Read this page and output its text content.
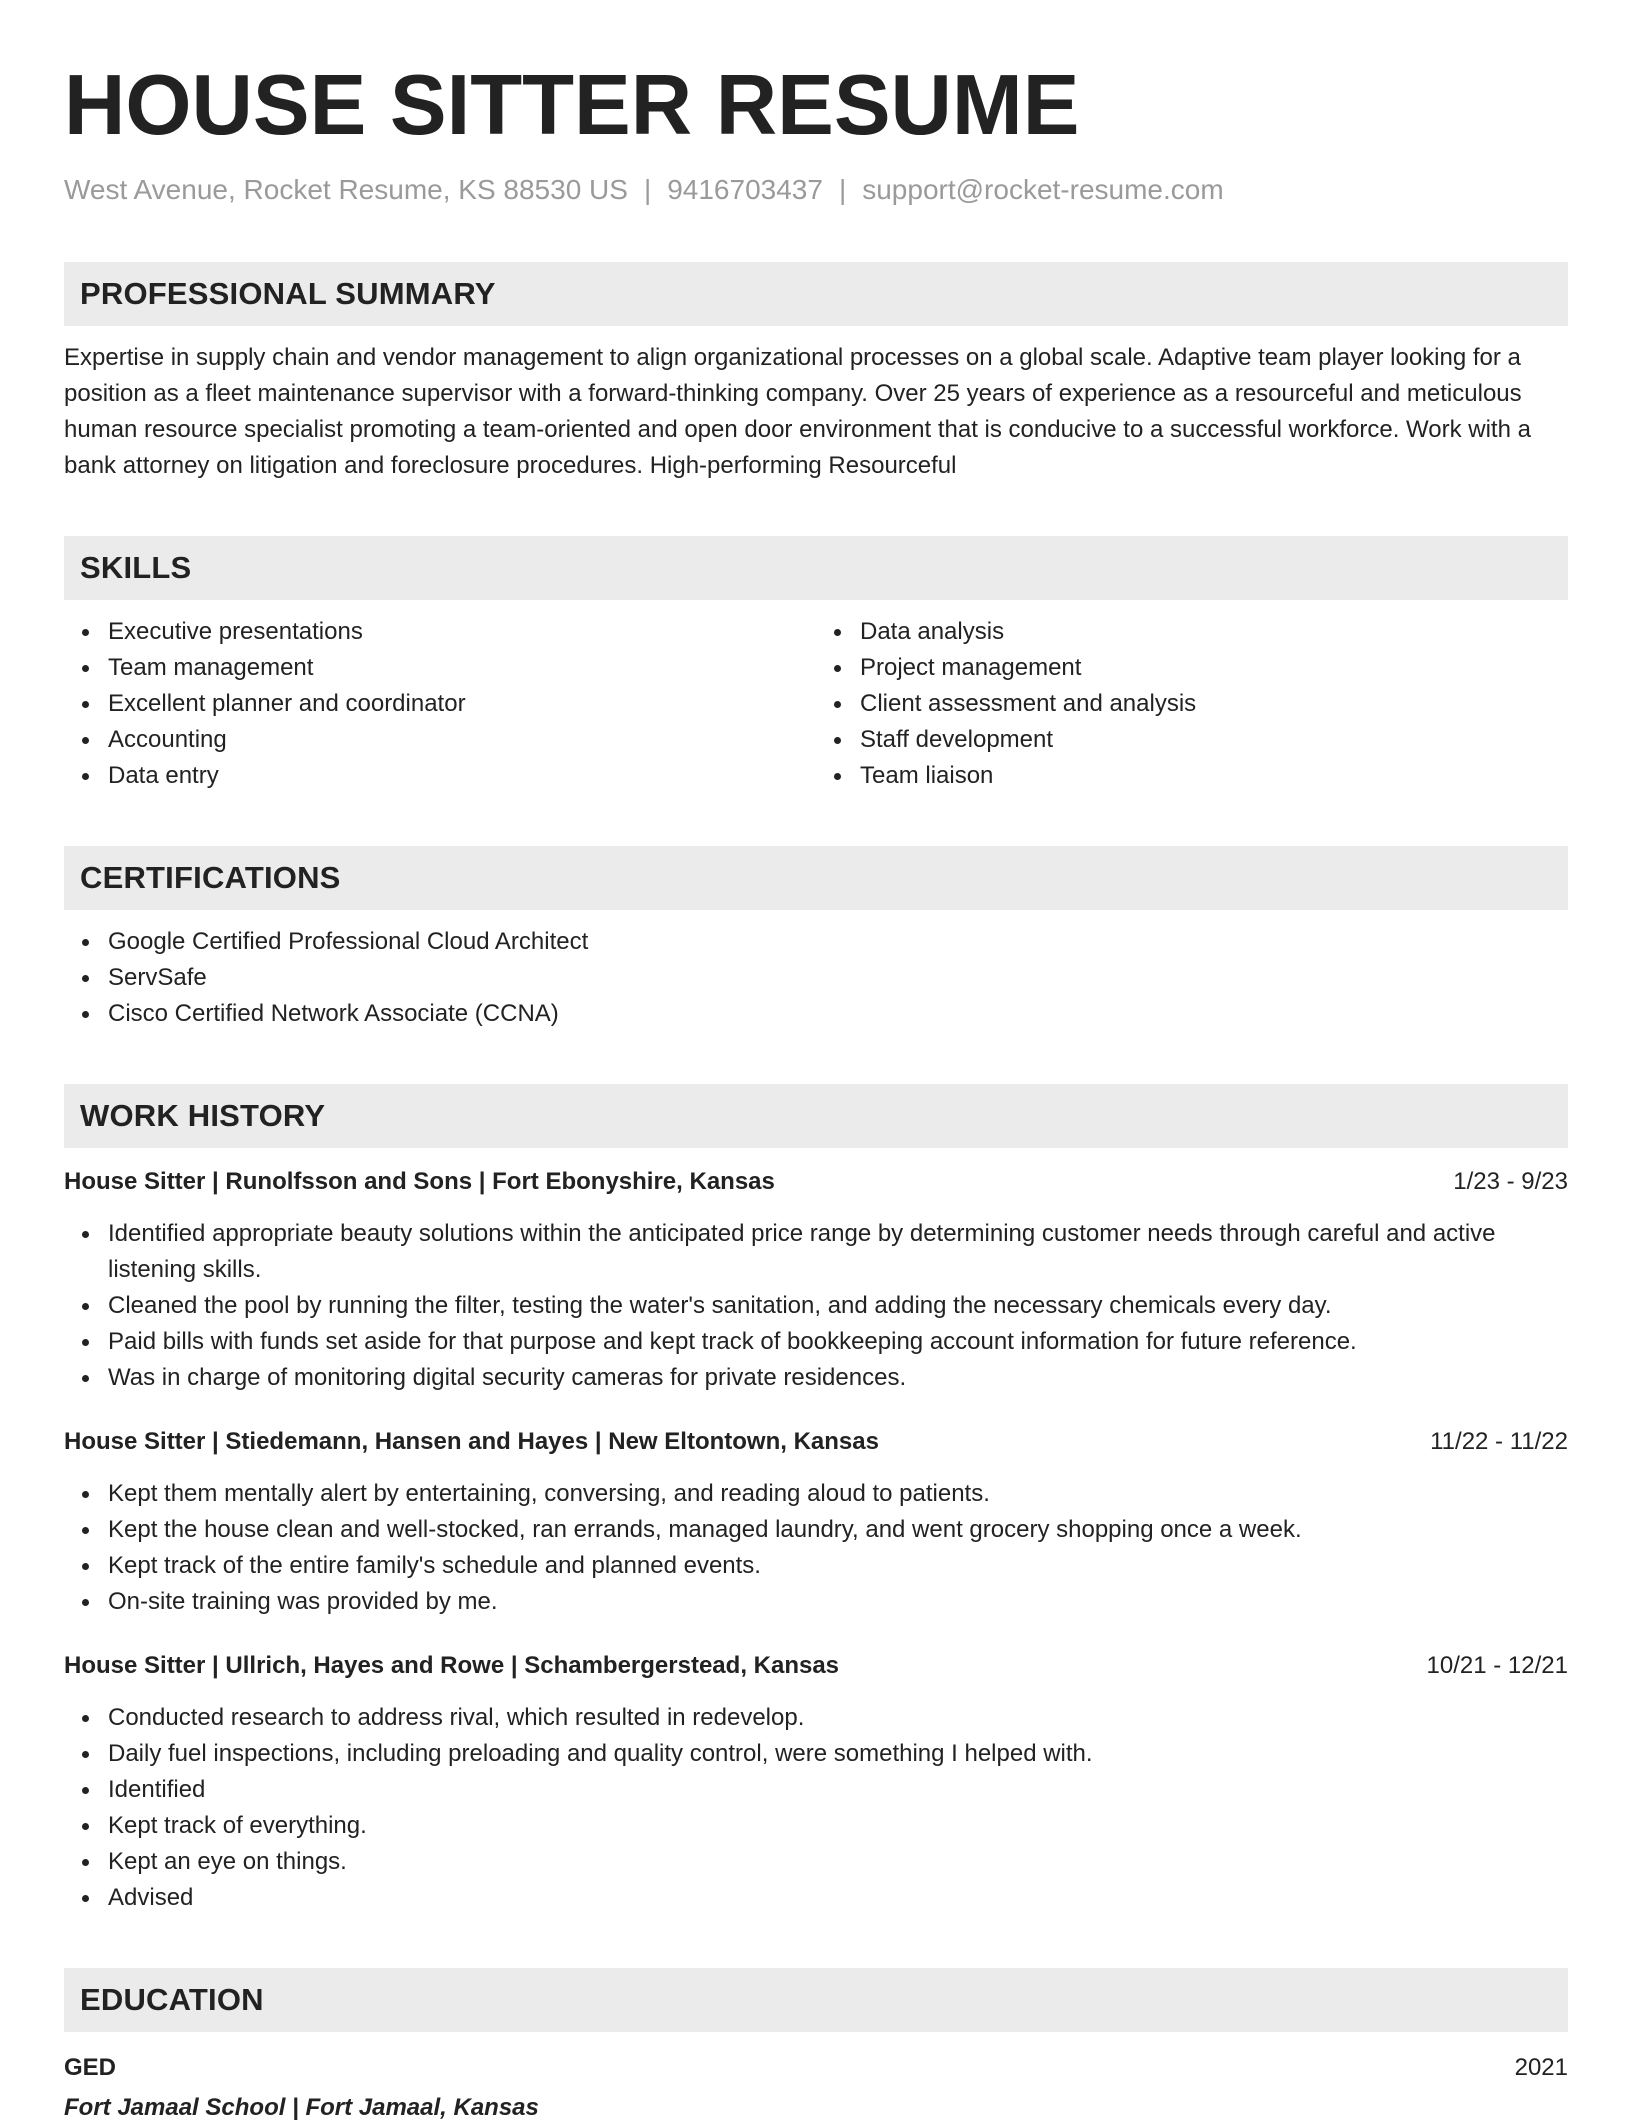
HOUSE SITTER RESUME
West Avenue, Rocket Resume, KS 88530 US | 9416703437 | support@rocket-resume.com
PROFESSIONAL SUMMARY

Expertise in supply chain and vendor management to align organizational processes on a global scale. Adaptive team player looking for a position as a fleet maintenance supervisor with a forward-thinking company. Over 25 years of experience as a resourceful and meticulous human resource specialist promoting a team-oriented and open door environment that is conducive to a successful workforce. Work with a bank attorney on litigation and foreclosure procedures. High-performing Resourceful

SKILLS
Executive presentations
Team management
Excellent planner and coordinator
Accounting
Data entry
Data analysis
Project management
Client assessment and analysis
Staff development
Team liaison
CERTIFICATIONS
Google Certified Professional Cloud Architect
ServSafe
Cisco Certified Network Associate (CCNA)
WORK HISTORY
House Sitter | Runolfsson and Sons | Fort Ebonyshire, Kansas	1/23 - 9/23
Identified appropriate beauty solutions within the anticipated price range by determining customer needs through careful and active listening skills.
Cleaned the pool by running the filter, testing the water's sanitation, and adding the necessary chemicals every day.
Paid bills with funds set aside for that purpose and kept track of bookkeeping account information for future reference.
Was in charge of monitoring digital security cameras for private residences.
House Sitter | Stiedemann, Hansen and Hayes | New Eltontown, Kansas	11/22 - 11/22
Kept them mentally alert by entertaining, conversing, and reading aloud to patients.
Kept the house clean and well-stocked, ran errands, managed laundry, and went grocery shopping once a week.
Kept track of the entire family's schedule and planned events.
On-site training was provided by me.
House Sitter | Ullrich, Hayes and Rowe | Schambergerstead, Kansas	10/21 - 12/21
Conducted research to address rival, which resulted in redevelop.
Daily fuel inspections, including preloading and quality control, were something I helped with.
Identified
Kept track of everything.
Kept an eye on things.
Advised
EDUCATION
GED	2021
Fort Jamaal School | Fort Jamaal, Kansas
